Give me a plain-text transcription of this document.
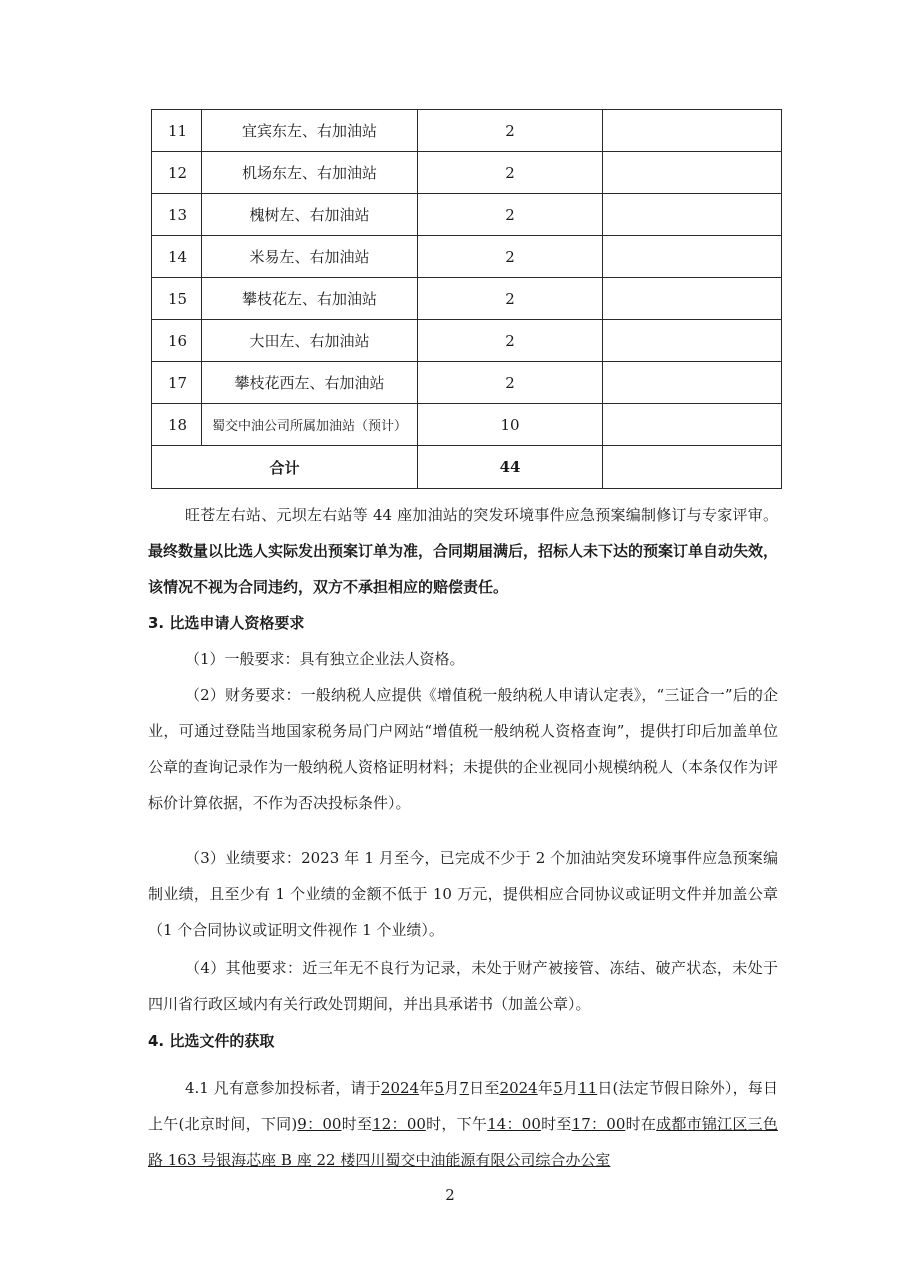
11	宜宾东左、右加油站	2	
12	机场东左、右加油站	2	
13	槐树左、右加油站	2	
14	米易左、右加油站	2	
15	攀枝花左、右加油站	2	
16	大田左、右加油站	2	
17	攀枝花西左、右加油站	2	
18	蜀交中油公司所属加油站（预计）	10	
合计		44	
旺苍左右站、元坝左右站等 44 座加油站的突发环境事件应急预案编制修订与专家评审。最终数量以比选人实际发出预案订单为准，合同期届满后，招标人未下达的预案订单自动失效，该情况不视为合同违约，双方不承担相应的赔偿责任。
3. 比选申请人资格要求
（1）一般要求：具有独立企业法人资格。
（2）财务要求：一般纳税人应提供《增值税一般纳税人申请认定表》，“三证合一”后的企业，可通过登陆当地国家税务局门户网站“增值税一般纳税人资格查询”，提供打印后加盖单位公章的查询记录作为一般纳税人资格证明材料；未提供的企业视同小规模纳税人（本条仅作为评标价计算依据，不作为否决投标条件）。
（3）业绩要求：2023 年 1 月至今，已完成不少于 2 个加油站突发环境事件应急预案编制业绩，且至少有 1 个业绩的金额不低于 10 万元，提供相应合同协议或证明文件并加盖公章（1 个合同协议或证明文件视作 1 个业绩）。
（4）其他要求：近三年无不良行为记录，未处于财产被接管、冻结、破产状态，未处于四川省行政区域内有关行政处罚期间，并出具承诺书（加盖公章）。
4. 比选文件的获取
4.1 凡有意参加投标者，请于2024年5月7日至2024年5月11日(法定节假日除外），每日上午(北京时间，下同)9：00时至12：00时，下午14：00时至17：00时在成都市锦江区三色路 163 号银海芯座 B 座 22 楼四川蜀交中油能源有限公司综合办公室
2
